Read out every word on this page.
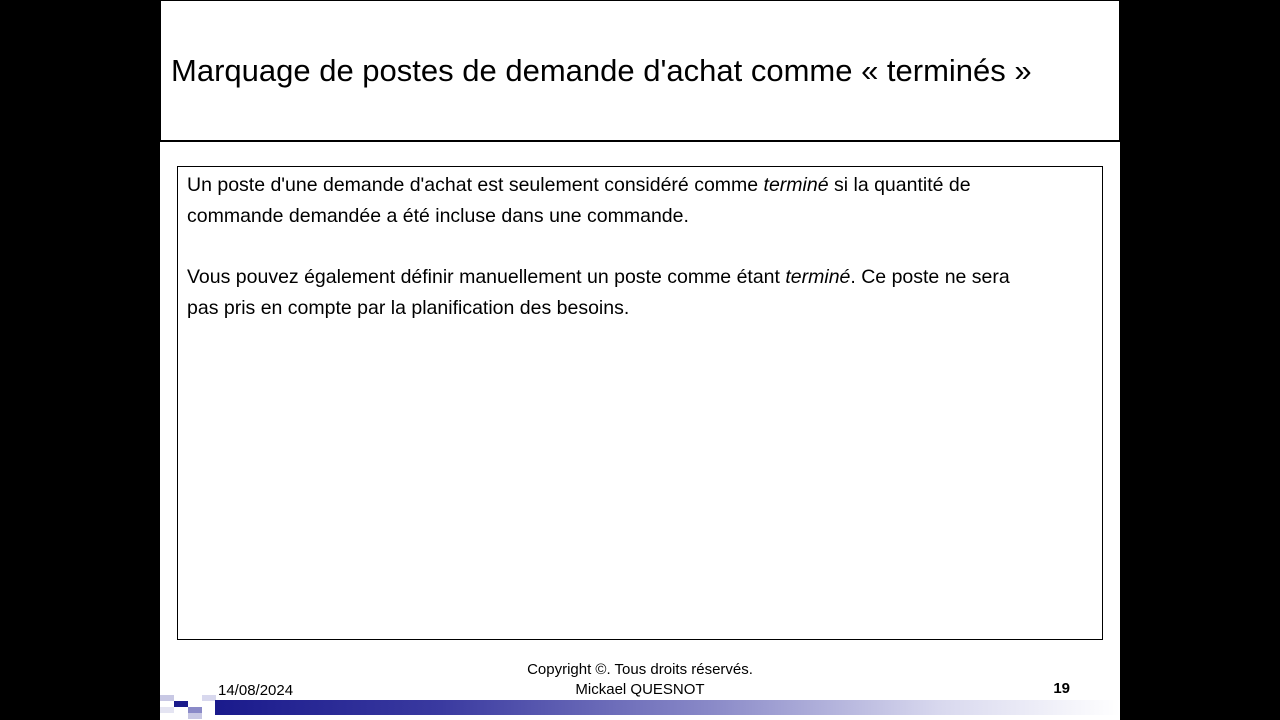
Marquage de postes de demande d'achat comme « terminés »

Un poste d'une demande d'achat est seulement considéré comme terminé si la quantité de
commande demandée a été incluse dans une commande.

Vous pouvez également définir manuellement un poste comme étant terminé. Ce poste ne sera
pas pris en compte par la planification des besoins.

Copyright ©. Tous droits réservés.
Mickael QUESNOT
14/08/2024	19
